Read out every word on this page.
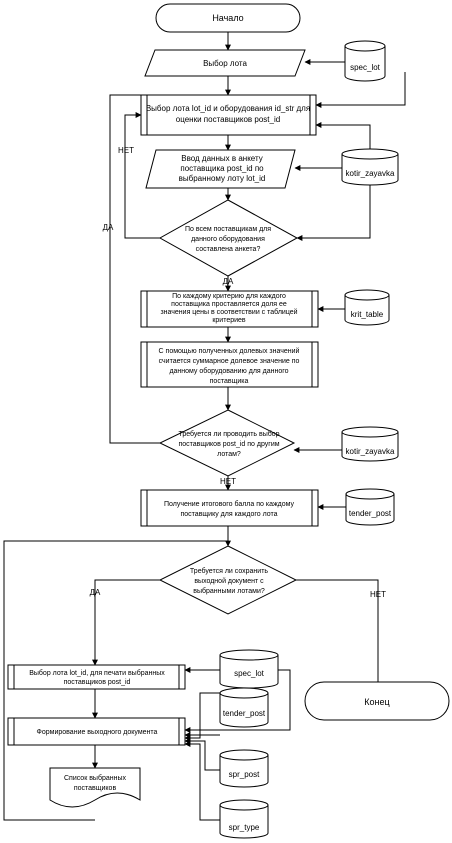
Начало
Выбор лота	spec_lot
Выбор лота lot_id и оборудования id_str для
оценки поставщиков post_id
НЕТ
ДА
Ввод данных в анкету
поставщика post_id по
выбранному лоту lot_id
kotir_zayavka
По всем поставщикам для
данного оборудования
составлена анкета?
ДА
По каждому критерию для каждого
поставщика проставляется доля ее
значения цены в соответствии с таблицей
критериев
krit_table
С помощью полученных долевых значений
считается суммарное долевое значение по
данному оборудованию для данного
поставщика
Требуется ли проводить выбор
поставщиков post_id по другим
лотам?
НЕТ
kotir_zayavka
Получение итогового балла по каждому
поставщику для каждого лота	tender_post
Требуется ли сохранить
выходной документ с
выбранными лотами?
ДА	НЕТ
Конец
Выбор лота lot_id, для печати выбранных
поставщиков post_id
Формирование выходного документа
Список выбранных
поставщиков
spec_lot
tender_post
spr_post
spr_type
